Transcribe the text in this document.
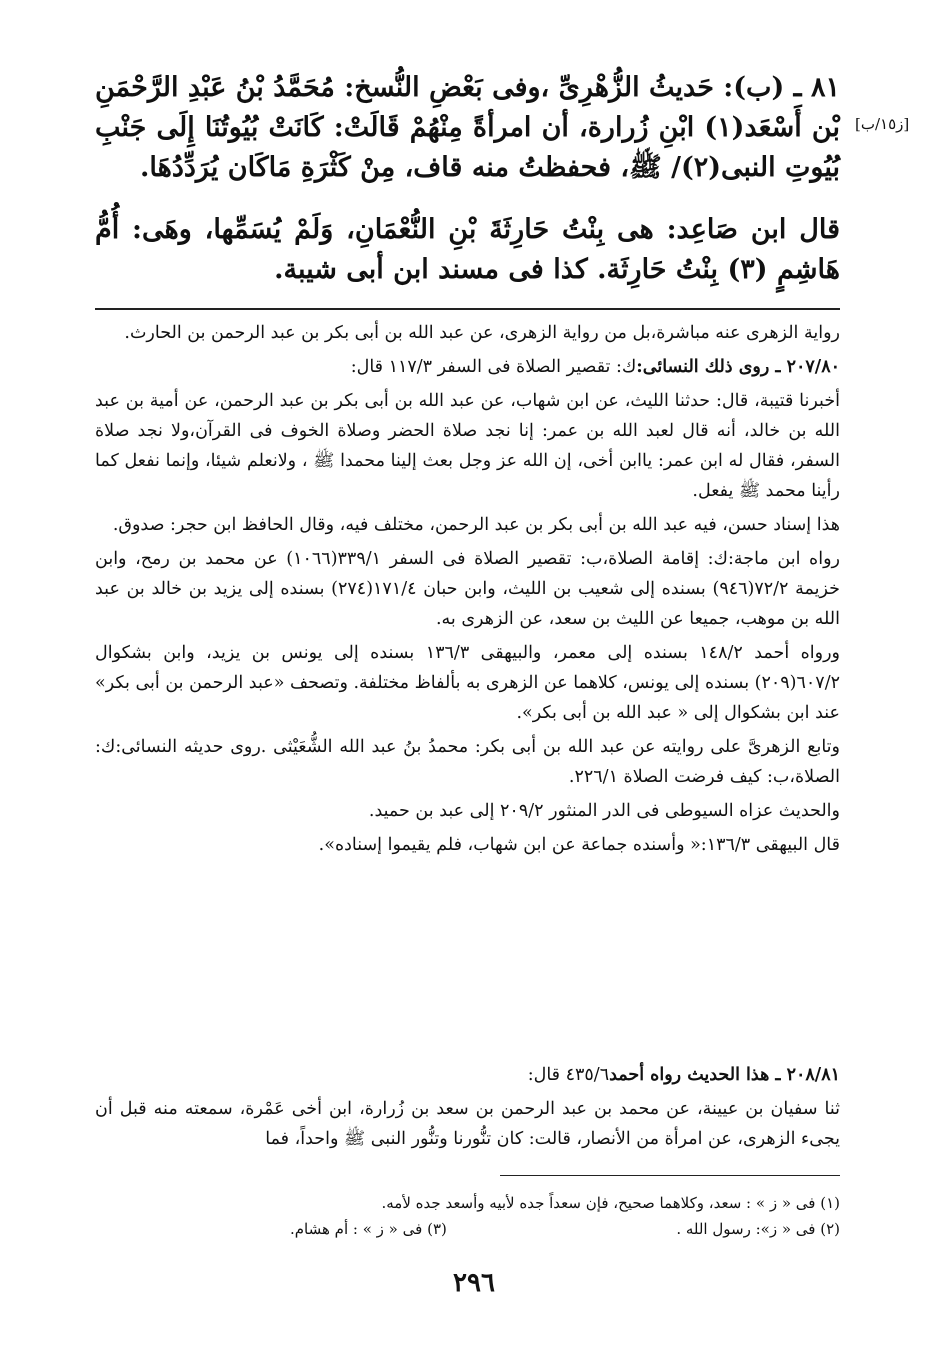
[ز١٥/ب]
٨١ ـ (ب): حَديثُ الزُّهْرِىِّ ،وفى بَعْضِ النُّسخ: مُحَمَّدُ بْنُ عَبْدِ الرَّحْمَنِ بْن أَسْعَد(١) ابْنِ زُرارة، أن امرأةً مِنْهُمْ قَالَتْ: كَانَتْ بُيُوتُنَا إِلَى جَنْبِ بُيُوتِ النبى(٢)/ ﷺ، فحفظتُ منه قاف، مِنْ كَثْرَةِ مَاكَان يُرَدِّدُهَا.
قال ابن صَاعِد: هى بِنْتُ حَارِثَةَ بْنِ النُّعْمَانِ، وَلَمْ يُسَمِّها، وهَى: أُمُّ هَاشِمٍ (٣) بِنْتُ حَارِثَة. كذا فى مسند ابن أبى شيبة.

رواية الزهرى عنه مباشرة،بل من رواية الزهرى، عن عبد الله بن أبى بكر بن عبد الرحمن بن الحارث.

٢٠٧/٨٠ ـ روى ذلك النسائى:ك: تقصير الصلاة فى السفر ١١٧/٣ قال:

أخبرنا قتيبة، قال: حدثنا الليث، عن ابن شهاب، عن عبد الله بن أبى بكر بن عبد الرحمن، عن أمية بن عبد الله بن خالد، أنه قال لعبد الله بن عمر: إنا نجد صلاة الحضر وصلاة الخوف فى القرآن،ولا نجد صلاة السفر، فقال له ابن عمر: ياابن أخى، إن الله عز وجل بعث إلينا محمدا ﷺ ، ولانعلم شيئا، وإنما نفعل كما رأينا محمد ﷺ يفعل.

هذا إسناد حسن، فيه عبد الله بن أبى بكر بن عبد الرحمن، مختلف فيه، وقال الحافظ ابن حجر: صدوق.

رواه ابن ماجة:ك: إقامة الصلاة،ب: تقصير الصلاة فى السفر ٣٣٩/١(١٠٦٦) عن محمد بن رمح، وابن خزيمة ٧٢/٢(٩٤٦) بسنده إلى شعيب بن الليث، وابن حبان ١٧١/٤(٢٧٤) بسنده إلى يزيد بن خالد بن عبد الله بن موهب، جميعا عن الليث بن سعد، عن الزهرى به.

ورواه أحمد ١٤٨/٢ بسنده إلى معمر، والبيهقى ١٣٦/٣ بسنده إلى يونس بن يزيد، وابن بشكوال ٦٠٧/٢(٢٠٩) بسنده إلى يونس، كلاهما عن الزهرى به بألفاظ مختلفة. وتصحف «عبد الرحمن بن أبى بكر» عند ابن بشكوال إلى « عبد الله بن أبى بكر».

وتابع الزهرىَّ على روايته عن عبد الله بن أبى بكر: محمدُ بنُ عبد الله الشُّعَيْثى .روى حديثه النسائى:ك: الصلاة،ب: كيف فرضت الصلاة ٢٢٦/١.

والحديث عزاه السيوطى فى الدر المنثور ٢٠٩/٢ إلى عبد بن حميد.

قال البيهقى ١٣٦/٣:« وأسنده جماعة عن ابن شهاب، فلم يقيموا إسناده».

٢٠٨/٨١ ـ هذا الحديث رواه أحمد٤٣٥/٦ قال:

ثنا سفيان بن عيينة، عن محمد بن عبد الرحمن بن سعد بن زُرارة، ابن أخى عَمْرة، سمعته منه قبل أن يجىء الزهرى، عن امرأة من الأنصار، قالت: كان تنُّورنا وتنُّور النبى ﷺ واحداً، فما

(١) فى « ز » : سعد، وكلاهما صحيح، فإن سعداً جده لأبيه وأسعد جده لأمه.
(٢) فى « ز»: رسول الله .
(٣) فى « ز » : أم هشام.
٢٩٦
